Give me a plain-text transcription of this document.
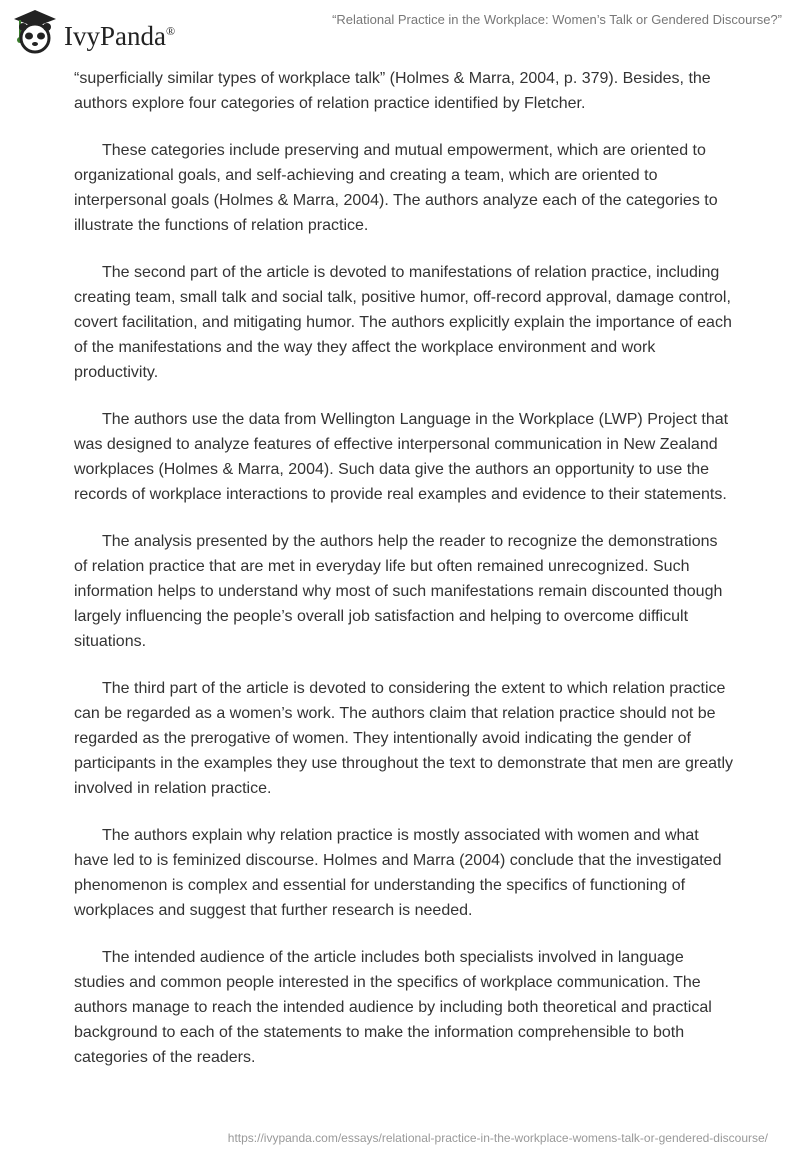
IvyPanda®
“Relational Practice in the Workplace: Women’s Talk or Gendered Discourse?”

“superficially similar types of workplace talk” (Holmes & Marra, 2004, p. 379). Besides, the authors explore four categories of relation practice identified by Fletcher.

These categories include preserving and mutual empowerment, which are oriented to organizational goals, and self-achieving and creating a team, which are oriented to interpersonal goals (Holmes & Marra, 2004). The authors analyze each of the categories to illustrate the functions of relation practice.

The second part of the article is devoted to manifestations of relation practice, including creating team, small talk and social talk, positive humor, off-record approval, damage control, covert facilitation, and mitigating humor. The authors explicitly explain the importance of each of the manifestations and the way they affect the workplace environment and work productivity.

The authors use the data from Wellington Language in the Workplace (LWP) Project that was designed to analyze features of effective interpersonal communication in New Zealand workplaces (Holmes & Marra, 2004). Such data give the authors an opportunity to use the records of workplace interactions to provide real examples and evidence to their statements.

The analysis presented by the authors help the reader to recognize the demonstrations of relation practice that are met in everyday life but often remained unrecognized. Such information helps to understand why most of such manifestations remain discounted though largely influencing the people’s overall job satisfaction and helping to overcome difficult situations.

The third part of the article is devoted to considering the extent to which relation practice can be regarded as a women’s work. The authors claim that relation practice should not be regarded as the prerogative of women. They intentionally avoid indicating the gender of participants in the examples they use throughout the text to demonstrate that men are greatly involved in relation practice.

The authors explain why relation practice is mostly associated with women and what have led to is feminized discourse. Holmes and Marra (2004) conclude that the investigated phenomenon is complex and essential for understanding the specifics of functioning of workplaces and suggest that further research is needed.

The intended audience of the article includes both specialists involved in language studies and common people interested in the specifics of workplace communication. The authors manage to reach the intended audience by including both theoretical and practical background to each of the statements to make the information comprehensible to both categories of the readers.

https://ivypanda.com/essays/relational-practice-in-the-workplace-womens-talk-or-gendered-discourse/
